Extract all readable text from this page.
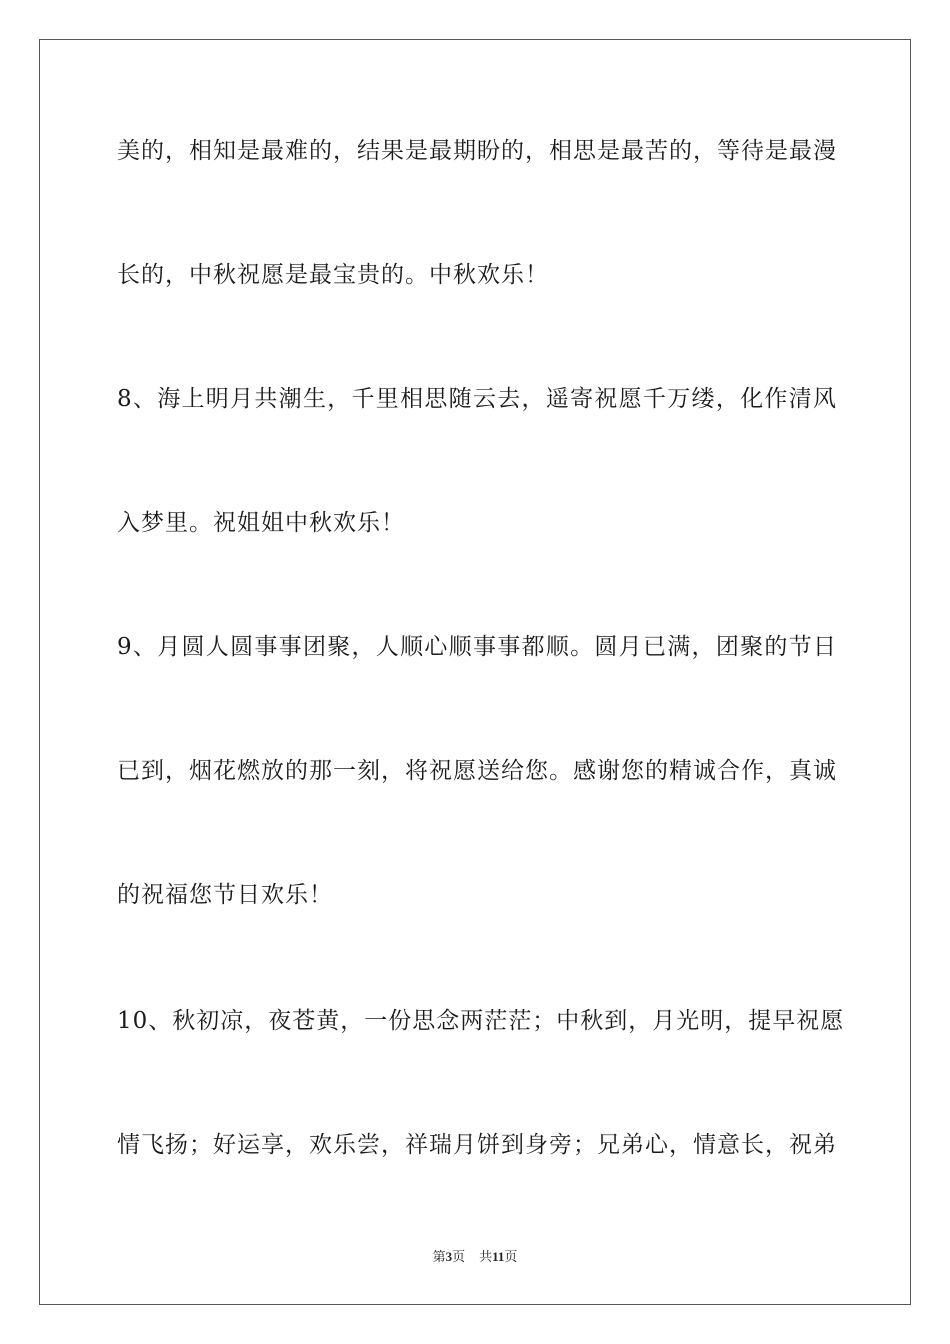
美的，相知是最难的，结果是最期盼的，相思是最苦的，等待是最漫
长的，中秋祝愿是最宝贵的。中秋欢乐！
8、海上明月共潮生，千里相思随云去，遥寄祝愿千万缕，化作清风
入梦里。祝姐姐中秋欢乐！
9、月圆人圆事事团聚，人顺心顺事事都顺。圆月已满，团聚的节日
已到，烟花燃放的那一刻，将祝愿送给您。感谢您的精诚合作，真诚
的祝福您节日欢乐！
10、秋初凉，夜苍黄，一份思念两茫茫；中秋到，月光明，提早祝愿
情飞扬；好运享，欢乐尝，祥瑞月饼到身旁；兄弟心，情意长，祝弟
第3页 共11页
